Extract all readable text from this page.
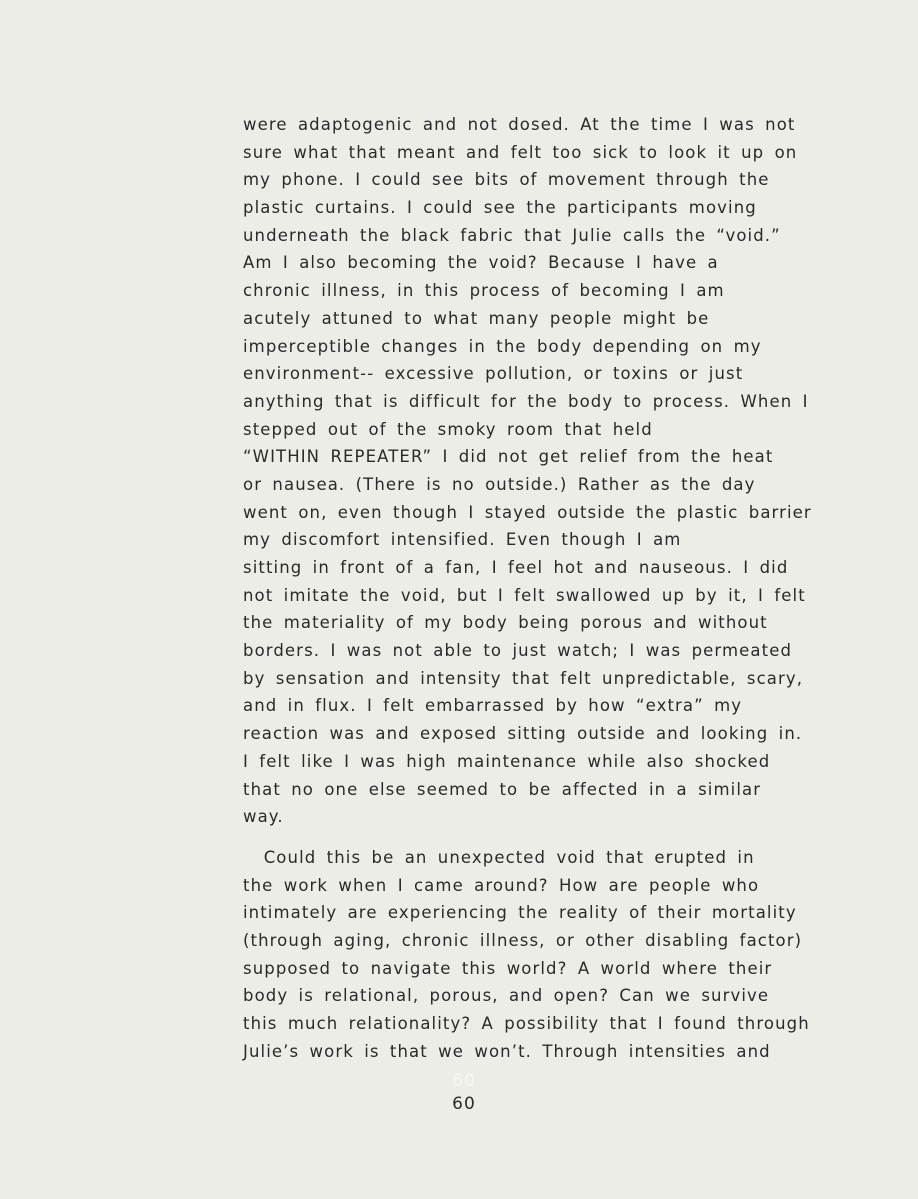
were adaptogenic and not dosed. At the time I was not
sure what that meant and felt too sick to look it up on
my phone. I could see bits of movement through the
plastic curtains. I could see the participants moving
underneath the black fabric that Julie calls the “void.”
Am I also becoming the void? Because I have a
chronic illness, in this process of becoming I am
acutely attuned to what many people might be
imperceptible changes in the body depending on my
environment-- excessive pollution, or toxins or just
anything that is difficult for the body to process. When I
stepped out of the smoky room that held
“WITHIN REPEATER” I did not get relief from the heat
or nausea. (There is no outside.) Rather as the day
went on, even though I stayed outside the plastic barrier
my discomfort intensified. Even though I am
sitting in front of a fan, I feel hot and nauseous. I did
not imitate the void, but I felt swallowed up by it, I felt
the materiality of my body being porous and without
borders. I was not able to just watch; I was permeated
by sensation and intensity that felt unpredictable, scary,
and in flux. I felt embarrassed by how “extra” my
reaction was and exposed sitting outside and looking in.
I felt like I was high maintenance while also shocked
that no one else seemed to be affected in a similar
way.
Could this be an unexpected void that erupted in
the work when I came around? How are people who
intimately are experiencing the reality of their mortality
(through aging, chronic illness, or other disabling factor)
supposed to navigate this world? A world where their
body is relational, porous, and open? Can we survive
this much relationality? A possibility that I found through
Julie’s work is that we won’t. Through intensities and
60
60
